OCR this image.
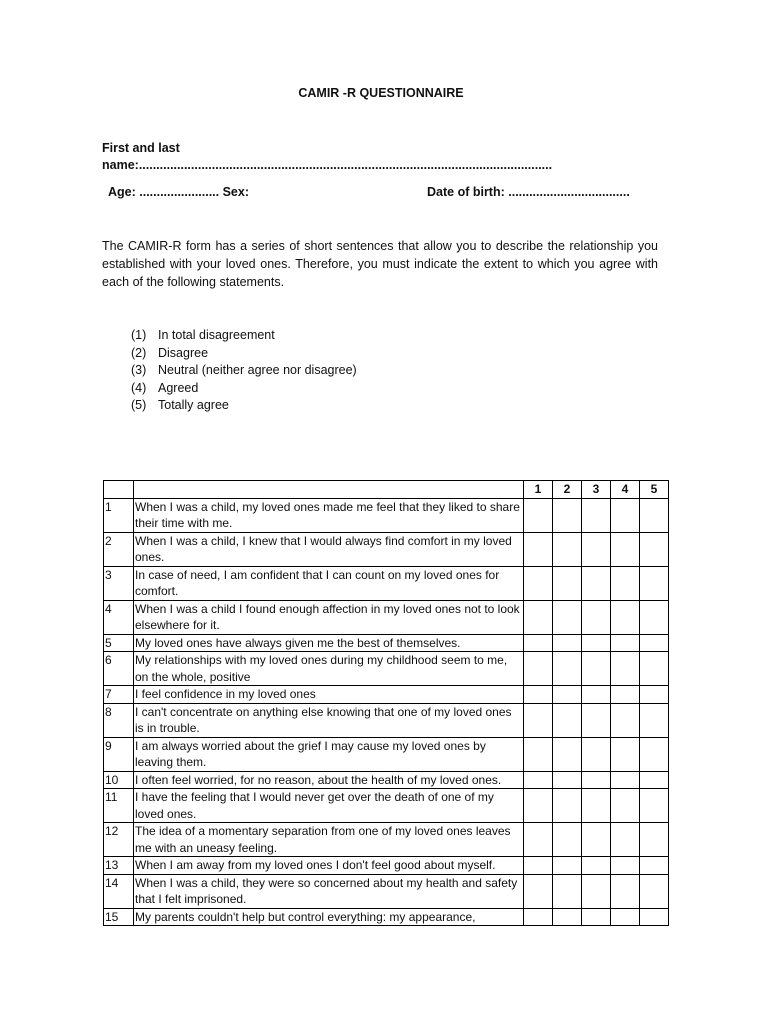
CAMIR -R QUESTIONNAIRE
First and last
name:.......................................................................................................................
Age: ....................... Sex:	Date of birth: ...................................
The CAMIR-R form has a series of short sentences that allow you to describe the relationship you established with your loved ones. Therefore, you must indicate the extent to which you agree with each of the following statements.
(1) In total disagreement
(2) Disagree
(3) Neutral (neither agree nor disagree)
(4) Agreed
(5) Totally agree
		1	2	3	4	5
1	When I was a child, my loved ones made me feel that they liked to share their time with me.					
2	When I was a child, I knew that I would always find comfort in my loved ones.					
3	In case of need, I am confident that I can count on my loved ones for comfort.					
4	When I was a child I found enough affection in my loved ones not to look elsewhere for it.					
5	My loved ones have always given me the best of themselves.					
6	My relationships with my loved ones during my childhood seem to me, on the whole, positive					
7	I feel confidence in my loved ones					
8	I can't concentrate on anything else knowing that one of my loved ones is in trouble.					
9	I am always worried about the grief I may cause my loved ones by leaving them.					
10	I often feel worried, for no reason, about the health of my loved ones.					
11	I have the feeling that I would never get over the death of one of my loved ones.					
12	The idea of a momentary separation from one of my loved ones leaves me with an uneasy feeling.					
13	When I am away from my loved ones I don't feel good about myself.					
14	When I was a child, they were so concerned about my health and safety that I felt imprisoned.					
15	My parents couldn't help but control everything: my appearance,					
